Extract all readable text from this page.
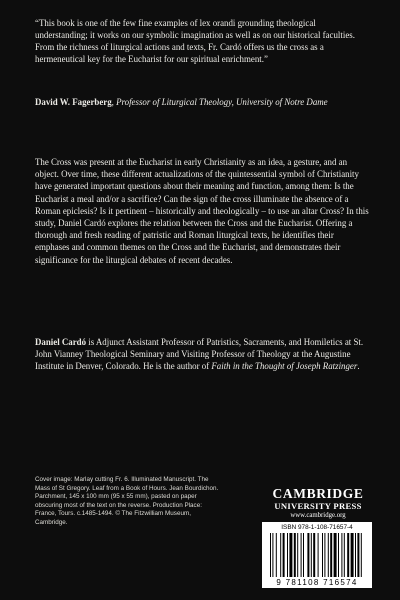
“This book is one of the few fine examples of lex orandi grounding theological understanding; it works on our symbolic imagination as well as on our historical faculties. From the richness of liturgical actions and texts, Fr. Cardó offers us the cross as a hermeneutical key for the Eucharist for our spiritual enrichment.”

David W. Fagerberg, Professor of Liturgical Theology, University of Notre Dame

The Cross was present at the Eucharist in early Christianity as an idea, a gesture, and an object. Over time, these different actualizations of the quintessential symbol of Christianity have generated important questions about their meaning and function, among them: Is the Eucharist a meal and/or a sacrifice? Can the sign of the cross illuminate the absence of a Roman epiclesis? Is it pertinent – historically and theologically – to use an altar Cross? In this study, Daniel Cardó explores the relation between the Cross and the Eucharist. Offering a thorough and fresh reading of patristic and Roman liturgical texts, he identifies their emphases and common themes on the Cross and the Eucharist, and demonstrates their significance for the liturgical debates of recent decades.

Daniel Cardó is Adjunct Assistant Professor of Patristics, Sacraments, and Homiletics at St. John Vianney Theological Seminary and Visiting Professor of Theology at the Augustine Institute in Denver, Colorado. He is the author of Faith in the Thought of Joseph Ratzinger.

Cover image: Marlay cutting Fr. 6. Illuminated Manuscript. The Mass of St Gregory. Leaf from a Book of Hours. Jean Bourdichon. Parchment, 145 x 100 mm (95 x 55 mm), pasted on paper obscuring most of the text on the reverse. Production Place: France, Tours. c.1485-1494. © The Fitzwilliam Museum, Cambridge.

CAMBRIDGE
UNIVERSITY PRESS
www.cambridge.org
ISBN 978-1-108-71657-4
9 781108 716574
